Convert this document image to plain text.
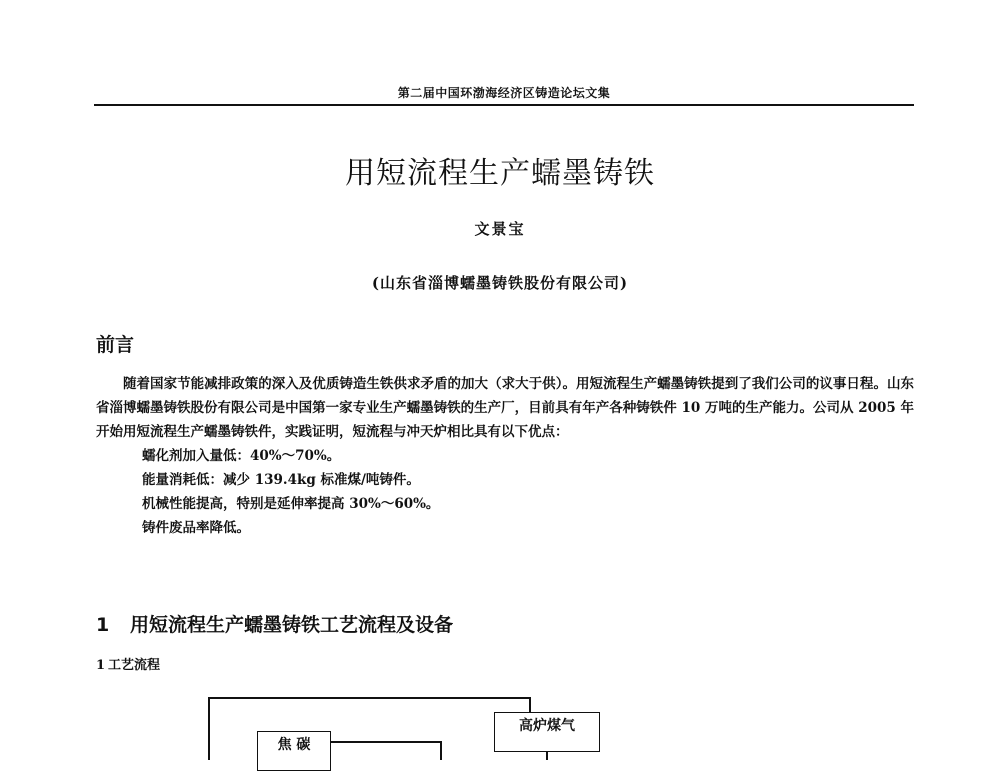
第二届中国环渤海经济区铸造论坛文集
用短流程生产蠕墨铸铁
文景宝
(山东省淄博蠕墨铸铁股份有限公司)
前言

随着国家节能减排政策的深入及优质铸造生铁供求矛盾的加大（求大于供）。用短流程生产蠕墨铸铁提到了我们公司的议事日程。山东省淄博蠕墨铸铁股份有限公司是中国第一家专业生产蠕墨铸铁的生产厂，目前具有年产各种铸铁件 10 万吨的生产能力。公司从 2005 年开始用短流程生产蠕墨铸铁件，实践证明，短流程与冲天炉相比具有以下优点：

蠕化剂加入量低：40%～70%。
能量消耗低：减少 139.4kg 标准煤/吨铸件。
机械性能提高，特别是延伸率提高 30%～60%。
铸件废品率降低。
1 用短流程生产蠕墨铸铁工艺流程及设备
1 工艺流程
焦 碳
高炉煤气
